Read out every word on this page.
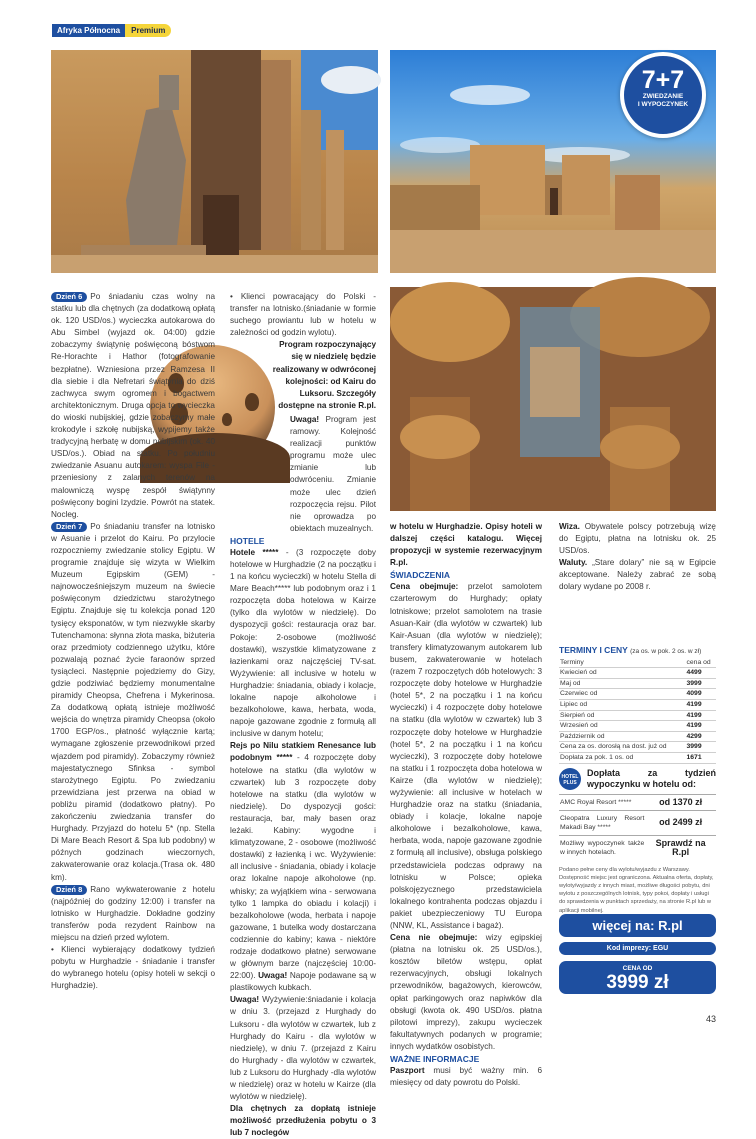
Afryka Północna	Premium
7+7
ZWIEDZANIE
I WYPOCZYNEK

Dzień 6 Po śniadaniu czas wolny na statku lub dla chętnych (za dodatkową opłatą ok. 120 USD/os.) wycieczka autokarowa do Abu Simbel (wyjazd ok. 04:00) gdzie zobaczymy świątynię poświęconą bóstwom Re-Horachte i Hathor (fotografowanie bezpłatne). Wzniesiona przez Ramzesa II dla siebie i dla Nefretari świątynia do dziś zachwyca swym ogromem i bogactwem architektonicznym. Druga opcja to wycieczka do wioski nubijskiej, gdzie zobaczymy małe krokodyle i szkołę nubijską, wypijemy także tradycyjną herbatę w domu nubijskim (ok. 40 USD/os.). Obiad na statku. Po południu zwiedzanie Asuanu autokarem: wyspa File - przeniesiony z zalanych terenów na malowniczą wyspę zespół świątynny poświęcony bogini Izydzie. Powrót na statek. Nocleg.

Dzień 7 Po śniadaniu transfer na lotnisko w Asuanie i przelot do Kairu. Po przylocie rozpoczniemy zwiedzanie stolicy Egiptu. W programie znajduje się wizyta w Wielkim Muzeum Egipskim (GEM) - najnowocześniejszym muzeum na świecie poświęconym dziedzictwu starożytnego Egiptu. Znajduje się tu kolekcja ponad 120 tysięcy eksponatów, w tym niezwykłe skarby Tutenchamona: słynna złota maska, biżuteria oraz przedmioty codziennego użytku, które pozwalają poznać życie faraonów sprzed tysiącleci. Następnie pojedziemy do Gizy, gdzie podziwiać będziemy monumentalne piramidy Cheopsa, Chefrena i Mykerinosa. Za dodatkową opłatą istnieje możliwość wejścia do wnętrza piramidy Cheopsa (około 1700 EGP/os., płatność wyłącznie kartą; wymagane zgłoszenie przewodnikowi przed wjazdem pod piramidy). Zobaczymy również majestatycznego Sfinksa - symbol starożytnego Egiptu. Po zwiedzaniu przewidziana jest przerwa na obiad w pobliżu piramid (dodatkowo płatny). Po zakończeniu zwiedzania transfer do Hurghady. Przyjazd do hotelu 5* (np. Stella Di Mare Beach Resort & Spa lub podobny) w późnych godzinach wieczornych, zakwaterowanie oraz kolacja.(Trasa ok. 480 km).

Dzień 8 Rano wykwaterowanie z hotelu (najpóźniej do godziny 12:00) i transfer na lotnisko w Hurghadzie. Dokładne godziny transferów poda rezydent Rainbow na miejscu na dzień przed wylotem.

• Klienci wybierający dodatkowy tydzień pobytu w Hurghadzie - śniadanie i transfer do wybranego hotelu (opisy hoteli w sekcji o Hurghadzie).

• Klienci powracający do Polski - transfer na lotnisko.(śniadanie w formie suchego prowiantu lub w hotelu w zależności od godzin wylotu).

Program rozpoczynający się w niedzielę będzie realizowany w odwróconej kolejności: od Kairu do Luksoru. Szczegóły dostępne na stronie R.pl.

Uwaga! Program jest ramowy. Kolejność realizacji punktów programu może ulec zmianie lub odwróceniu. Zmianie może ulec dzień rozpoczęcia rejsu. Pilot nie oprowadza po obiektach muzealnych.

HOTELE

Hotele ***** - (3 rozpoczęte doby hotelowe w Hurghadzie (2 na początku i 1 na końcu wycieczki) w hotelu Stella di Mare Beach***** lub podobnym oraz i 1 rozpoczęta doba hotelowa w Kairze (tylko dla wylotów w niedzielę). Do dyspozycji gości: restauracja oraz bar. Pokoje: 2-osobowe (możliwość dostawki), wszystkie klimatyzowane z łazienkami oraz najczęściej TV-sat. Wyżywienie: all inclusive w hotelu w Hurghadzie: śniadania, obiady i kolacje, lokalne napoje alkoholowe i bezalkoholowe, kawa, herbata, woda, napoje gazowane zgodnie z formułą all inclusive w danym hotelu;

Rejs po Nilu statkiem Renesance lub podobnym ***** - 4 rozpoczęte doby hotelowe na statku (dla wylotów w czwartek) lub 3 rozpoczęte doby hotelowe na statku (dla wylotów w niedzielę). Do dyspozycji gości: restauracja, bar, mały basen oraz leżaki. Kabiny: wygodne i klimatyzowane, 2 - osobowe (możliwość dostawki) z łazienką i wc. Wyżywienie: all inclusive - śniadania, obiady i kolacje oraz lokalne napoje alkoholowe (np. whisky; za wyjątkiem wina - serwowana tylko 1 lampka do obiadu i kolacji) i bezalkoholowe (woda, herbata i napoje gazowane, 1 butelka wody dostarczana codziennie do kabiny; kawa - niektóre rodzaje dodatkowo płatne) serwowane w głównym barze (najczęściej 10:00-22:00). Uwaga! Napoje podawane są w plastikowych kubkach.

Uwaga! Wyżywienie:śniadanie i kolacja w dniu 3. (przejazd z Hurghady do Luksoru - dla wylotów w czwartek, lub z Hurghady do Kairu - dla wylotów w niedzielę), w dniu 7. (przejazd z Kairu do Hurghady - dla wylotów w czwartek, lub z Luksoru do Hurghady -dla wylotów w niedzielę) oraz w hotelu w Kairze (dla wylotów w niedzielę).

Dla chętnych za dopłatą istnieje możliwość przedłużenia pobytu o 3 lub 7 noclegów

w hotelu w Hurghadzie. Opisy hoteli w dalszej części katalogu. Więcej propozycji w systemie rezerwacyjnym R.pl.

ŚWIADCZENIA

Cena obejmuje: przelot samolotem czarterowym do Hurghady; opłaty lotniskowe; przelot samolotem na trasie Asuan-Kair (dla wylotów w czwartek) lub Kair-Asuan (dla wylotów w niedzielę); transfery klimatyzowanym autokarem lub busem, zakwaterowanie w hotelach (razem 7 rozpoczętych dób hotelowych: 3 rozpoczęte doby hotelowe w Hurghadzie (hotel 5*, 2 na początku i 1 na końcu wycieczki) i 4 rozpoczęte doby hotelowe na statku (dla wylotów w czwartek) lub 3 rozpoczęte doby hotelowe w Hurghadzie (hotel 5*, 2 na początku i 1 na końcu wycieczki), 3 rozpoczęte doby hotelowe na statku i 1 rozpoczęta doba hotelowa w Kairze (dla wylotów w niedzielę); wyżywienie: all inclusive w hotelach w Hurghadzie oraz na statku (śniadania, obiady i kolacje, lokalne napoje alkoholowe i bezalkoholowe, kawa, herbata, woda, napoje gazowane zgodnie z formułą all inclusive), obsługa polskiego przedstawiciela podczas odprawy na lotnisku w Polsce; opieka polskojęzycznego przedstawiciela lokalnego kontrahenta podczas objazdu i pakiet ubezpieczeniowy TU Europa (NNW, KL, Assistance i bagaż).

Cena nie obejmuje: wizy egipskiej (płatna na lotnisku ok. 25 USD/os.), kosztów biletów wstępu, opłat rezerwacyjnych, obsługi lokalnych przewodników, bagażowych, kierowców, opłat parkingowych oraz napiwków dla obsługi (kwota ok. 490 USD/os. płatna pilotowi imprezy), zakupu wycieczek fakultatywnych podanych w programie; innych wydatków osobistych.

WAŻNE INFORMACJE

Paszport musi być ważny min. 6 miesięcy od daty powrotu do Polski.

Wiza. Obywatele polscy potrzebują wizę do Egiptu, płatna na lotnisku ok. 25 USD/os.

Waluty. „Stare dolary” nie są w Egipcie akceptowane. Należy zabrać ze sobą dolary wydane po 2008 r.

TERMINY I CENY (za os. w pok. 2 os. w zł)
Terminy	cena od
Kwiecień od	4499
Maj od	3999
Czerwiec od	4099
Lipiec od	4199
Sierpień od	4199
Wrzesień od	4199
Październik od	4299
Cena za os. dorosłą na dost. już od	3999
Dopłata za pok. 1 os. od	1671
HOTEL
PLUS
Dopłata za tydzień wypoczynku w hotelu od:
AMC Royal Resort *****	od 1370 zł
Cleopatra Luxury Resort Makadi Bay *****	od 2499 zł
Możliwy wypoczynek także w innych hotelach.	Sprawdź na R.pl
Podano pełne ceny dla wylotu/wyjazdu z Warszawy. Dostępność miejsc jest ograniczona. Aktualna oferta, dopłaty, wyloty/wyjazdy z innych miast, możliwe długości pobytu, dni wylotu z poszczególnych lotnisk, typy pokoi, dopłaty i usługi do sprawdzenia w punktach sprzedaży, na stronie R.pl lub w aplikacji mobilnej.
więcej na: R.pl
Kod imprezy: EGU
CENA OD
3999 zł
43
